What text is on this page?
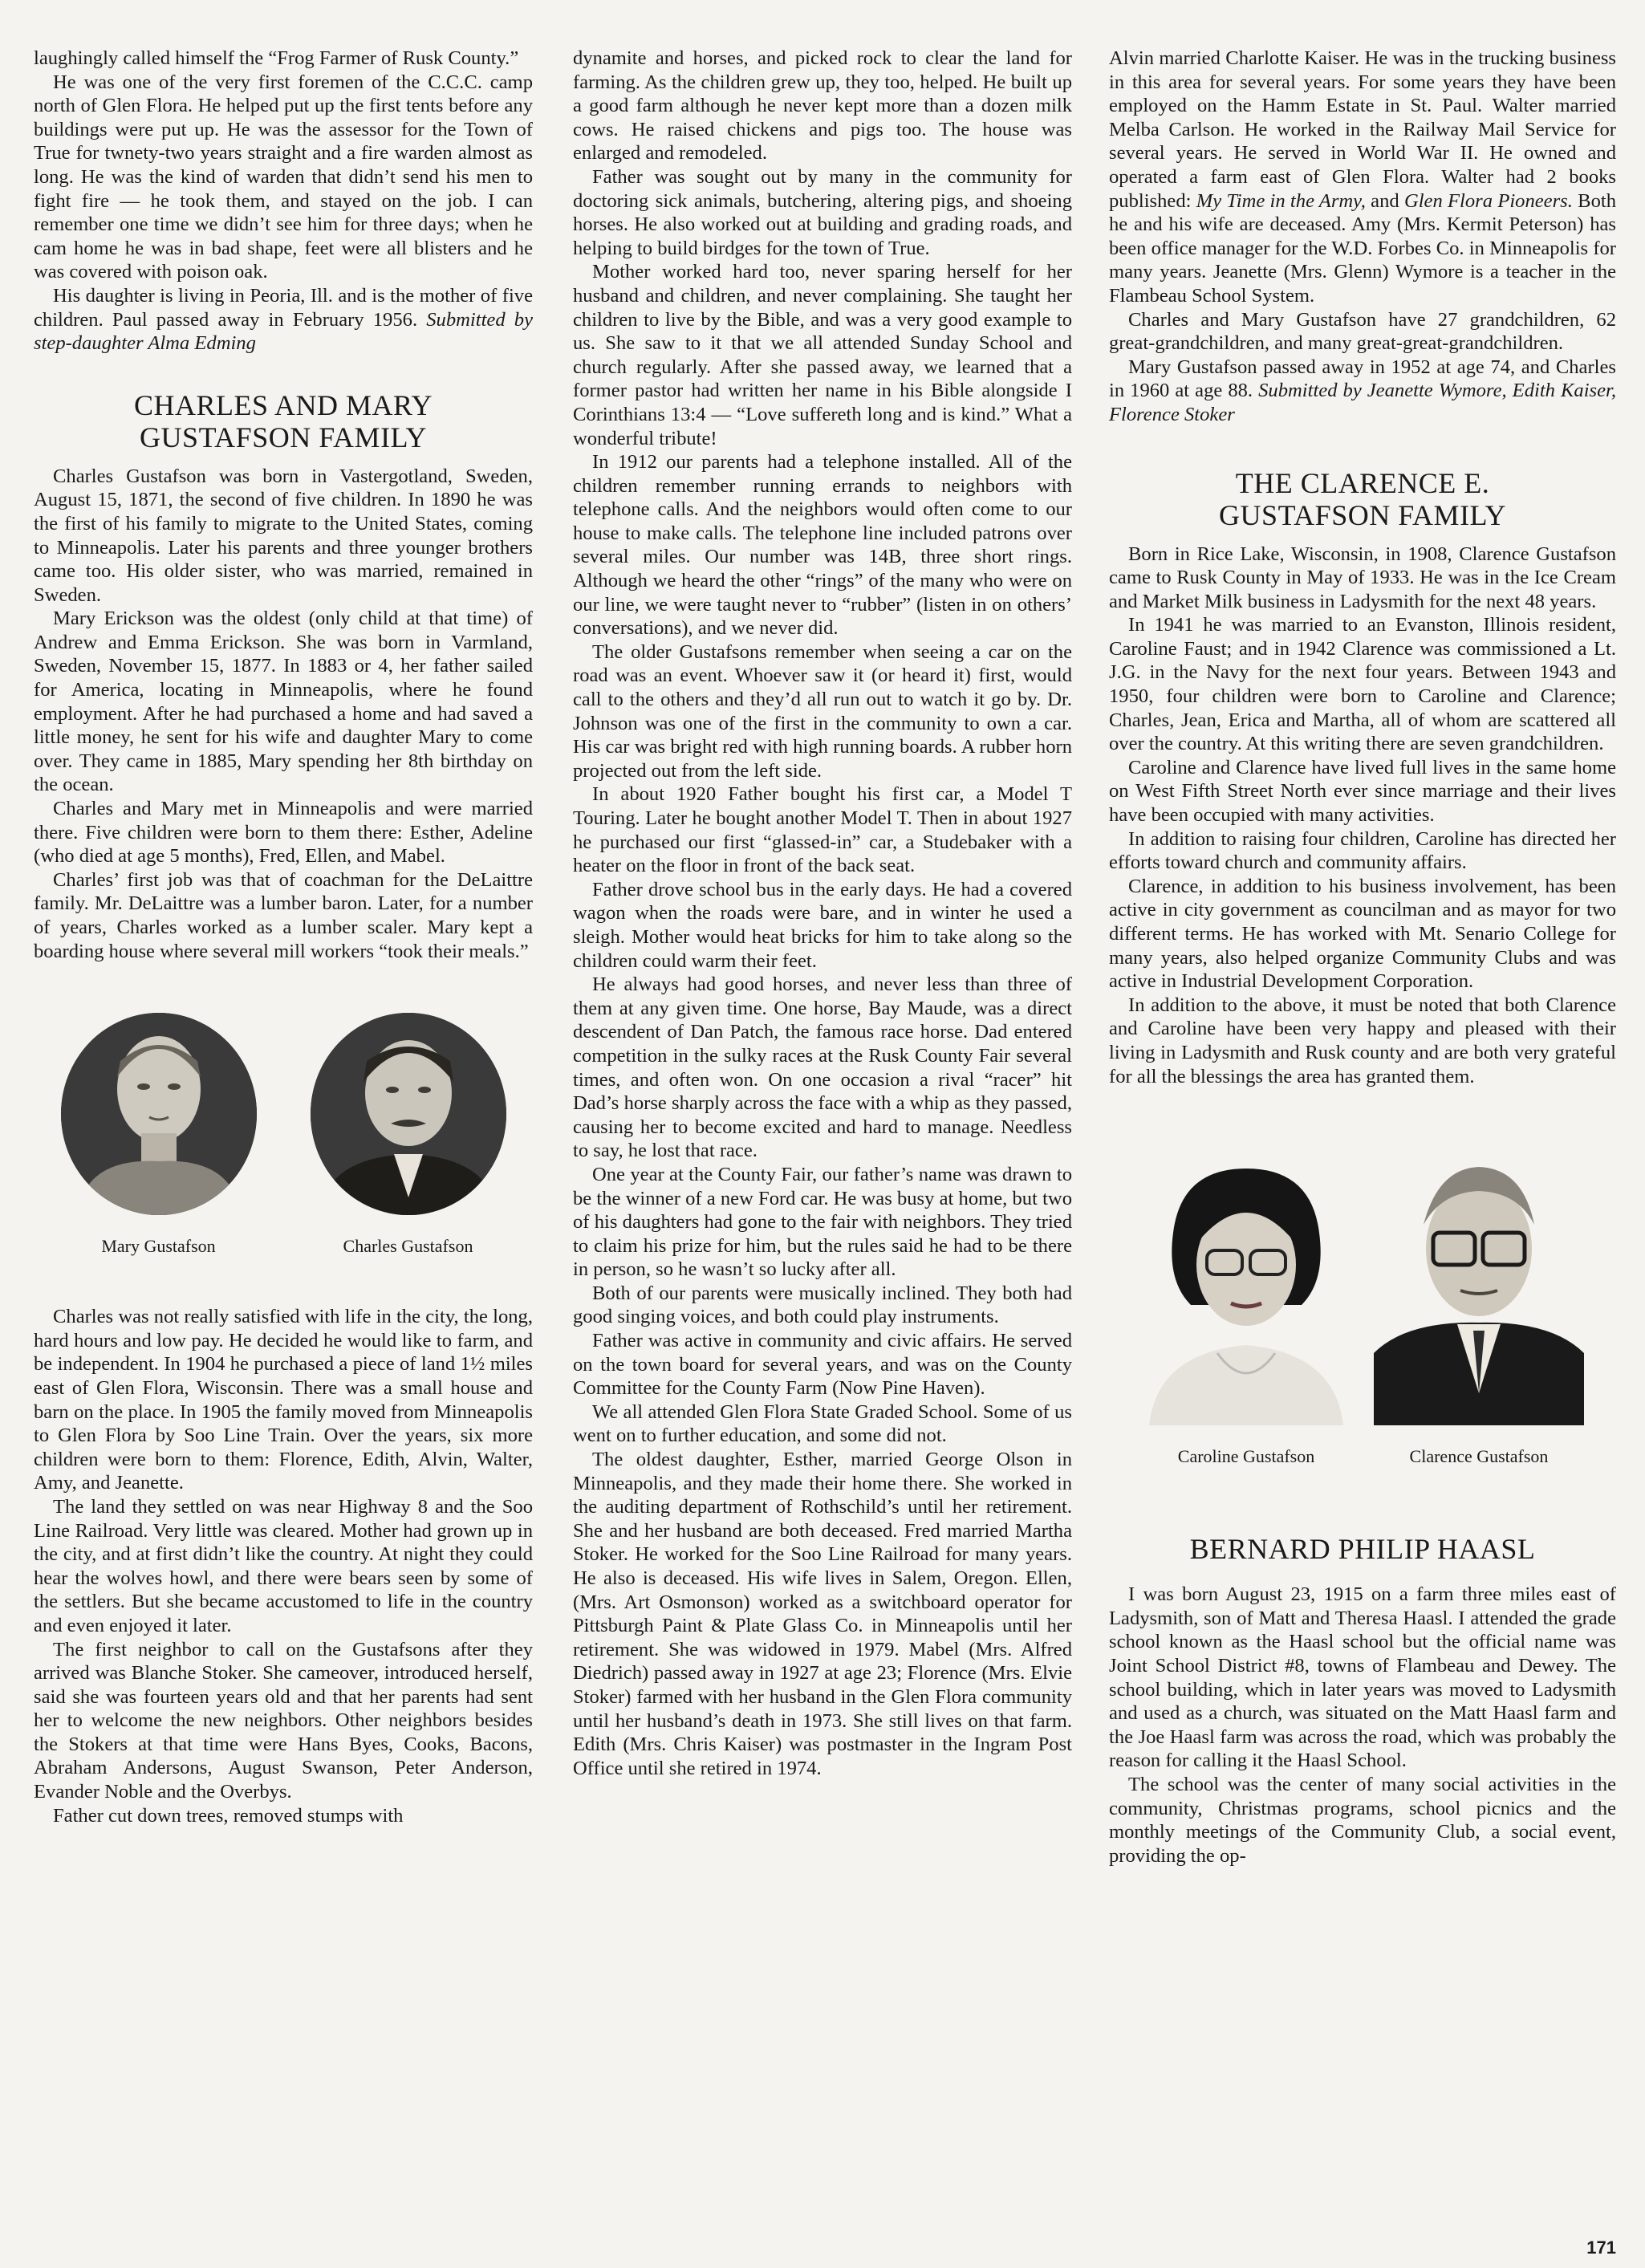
laughingly called himself the “Frog Farmer of Rusk County.”

He was one of the very first foremen of the C.C.C. camp north of Glen Flora. He helped put up the first tents before any buildings were put up. He was the assessor for the Town of True for twnety-two years straight and a fire warden almost as long. He was the kind of warden that didn’t send his men to fight fire — he took them, and stayed on the job. I can remember one time we didn’t see him for three days; when he cam home he was in bad shape, feet were all blisters and he was covered with poison oak.

His daughter is living in Peoria, Ill. and is the mother of five children. Paul passed away in February 1956. Submitted by step-daughter Alma Edming

CHARLES AND MARY
GUSTAFSON FAMILY

Charles Gustafson was born in Vastergotland, Sweden, August 15, 1871, the second of five children. In 1890 he was the first of his family to migrate to the United States, coming to Minneapolis. Later his parents and three younger brothers came too. His older sister, who was married, remained in Sweden.

Mary Erickson was the oldest (only child at that time) of Andrew and Emma Erickson. She was born in Varmland, Sweden, November 15, 1877. In 1883 or 4, her father sailed for America, locating in Minneapolis, where he found employment. After he had purchased a home and had saved a little money, he sent for his wife and daughter Mary to come over. They came in 1885, Mary spending her 8th birthday on the ocean.

Charles and Mary met in Minneapolis and were married there. Five children were born to them there: Esther, Adeline (who died at age 5 months), Fred, Ellen, and Mabel.

Charles’ first job was that of coachman for the DeLaittre family. Mr. DeLaittre was a lumber baron. Later, for a number of years, Charles worked as a lumber scaler. Mary kept a boarding house where several mill workers “took their meals.”

Mary Gustafson	Charles Gustafson

Charles was not really satisfied with life in the city, the long, hard hours and low pay. He decided he would like to farm, and be independent. In 1904 he purchased a piece of land 1½ miles east of Glen Flora, Wisconsin. There was a small house and barn on the place. In 1905 the family moved from Minneapolis to Glen Flora by Soo Line Train. Over the years, six more children were born to them: Florence, Edith, Alvin, Walter, Amy, and Jeanette.

The land they settled on was near Highway 8 and the Soo Line Railroad. Very little was cleared. Mother had grown up in the city, and at first didn’t like the country. At night they could hear the wolves howl, and there were bears seen by some of the settlers. But she became accustomed to life in the country and even enjoyed it later.

The first neighbor to call on the Gustafsons after they arrived was Blanche Stoker. She cameover, introduced herself, said she was fourteen years old and that her parents had sent her to welcome the new neighbors. Other neighbors besides the Stokers at that time were Hans Byes, Cooks, Bacons, Abraham Andersons, August Swanson, Peter Anderson, Evander Noble and the Overbys.

Father cut down trees, removed stumps with

dynamite and horses, and picked rock to clear the land for farming. As the children grew up, they too, helped. He built up a good farm although he never kept more than a dozen milk cows. He raised chickens and pigs too. The house was enlarged and remodeled.

Father was sought out by many in the community for doctoring sick animals, butchering, altering pigs, and shoeing horses. He also worked out at building and grading roads, and helping to build birdges for the town of True.

Mother worked hard too, never sparing herself for her husband and children, and never complaining. She taught her children to live by the Bible, and was a very good example to us. She saw to it that we all attended Sunday School and church regularly. After she passed away, we learned that a former pastor had written her name in his Bible alongside I Corinthians 13:4 — “Love suffereth long and is kind.” What a wonderful tribute!

In 1912 our parents had a telephone installed. All of the children remember running errands to neighbors with telephone calls. And the neighbors would often come to our house to make calls. The telephone line included patrons over several miles. Our number was 14B, three short rings. Although we heard the other “rings” of the many who were on our line, we were taught never to “rubber” (listen in on others’ conversations), and we never did.

The older Gustafsons remember when seeing a car on the road was an event. Whoever saw it (or heard it) first, would call to the others and they’d all run out to watch it go by. Dr. Johnson was one of the first in the community to own a car. His car was bright red with high running boards. A rubber horn projected out from the left side.

In about 1920 Father bought his first car, a Model T Touring. Later he bought another Model T. Then in about 1927 he purchased our first “glassed-in” car, a Studebaker with a heater on the floor in front of the back seat.

Father drove school bus in the early days. He had a covered wagon when the roads were bare, and in winter he used a sleigh. Mother would heat bricks for him to take along so the children could warm their feet.

He always had good horses, and never less than three of them at any given time. One horse, Bay Maude, was a direct descendent of Dan Patch, the famous race horse. Dad entered competition in the sulky races at the Rusk County Fair several times, and often won. On one occasion a rival “racer” hit Dad’s horse sharply across the face with a whip as they passed, causing her to become excited and hard to manage. Needless to say, he lost that race.

One year at the County Fair, our father’s name was drawn to be the winner of a new Ford car. He was busy at home, but two of his daughters had gone to the fair with neighbors. They tried to claim his prize for him, but the rules said he had to be there in person, so he wasn’t so lucky after all.

Both of our parents were musically inclined. They both had good singing voices, and both could play instruments.

Father was active in community and civic affairs. He served on the town board for several years, and was on the County Committee for the County Farm (Now Pine Haven).

We all attended Glen Flora State Graded School. Some of us went on to further education, and some did not.

The oldest daughter, Esther, married George Olson in Minneapolis, and they made their home there. She worked in the auditing department of Rothschild’s until her retirement. She and her husband are both deceased. Fred married Martha Stoker. He worked for the Soo Line Railroad for many years. He also is deceased. His wife lives in Salem, Oregon. Ellen, (Mrs. Art Osmonson) worked as a switchboard operator for Pittsburgh Paint & Plate Glass Co. in Minneapolis until her retirement. She was widowed in 1979. Mabel (Mrs. Alfred Diedrich) passed away in 1927 at age 23; Florence (Mrs. Elvie Stoker) farmed with her husband in the Glen Flora community until her husband’s death in 1973. She still lives on that farm. Edith (Mrs. Chris Kaiser) was postmaster in the Ingram Post Office until she retired in 1974.

Alvin married Charlotte Kaiser. He was in the trucking business in this area for several years. For some years they have been employed on the Hamm Estate in St. Paul. Walter married Melba Carlson. He worked in the Railway Mail Service for several years. He served in World War II. He owned and operated a farm east of Glen Flora. Walter had 2 books published: My Time in the Army, and Glen Flora Pioneers. Both he and his wife are deceased. Amy (Mrs. Kermit Peterson) has been office manager for the W.D. Forbes Co. in Minneapolis for many years. Jeanette (Mrs. Glenn) Wymore is a teacher in the Flambeau School System.

Charles and Mary Gustafson have 27 grandchildren, 62 great-grandchildren, and many great-great-grandchildren.

Mary Gustafson passed away in 1952 at age 74, and Charles in 1960 at age 88. Submitted by Jeanette Wymore, Edith Kaiser, Florence Stoker

THE CLARENCE E.
GUSTAFSON FAMILY

Born in Rice Lake, Wisconsin, in 1908, Clarence Gustafson came to Rusk County in May of 1933. He was in the Ice Cream and Market Milk business in Ladysmith for the next 48 years.

In 1941 he was married to an Evanston, Illinois resident, Caroline Faust; and in 1942 Clarence was commissioned a Lt. J.G. in the Navy for the next four years. Between 1943 and 1950, four children were born to Caroline and Clarence; Charles, Jean, Erica and Martha, all of whom are scattered all over the country. At this writing there are seven grandchildren.

Caroline and Clarence have lived full lives in the same home on West Fifth Street North ever since marriage and their lives have been occupied with many activities.

In addition to raising four children, Caroline has directed her efforts toward church and community affairs.

Clarence, in addition to his business involvement, has been active in city government as councilman and as mayor for two different terms. He has worked with Mt. Senario College for many years, also helped organize Community Clubs and was active in Industrial Development Corporation.

In addition to the above, it must be noted that both Clarence and Caroline have been very happy and pleased with their living in Ladysmith and Rusk county and are both very grateful for all the blessings the area has granted them.

Caroline Gustafson	Clarence Gustafson
BERNARD PHILIP HAASL

I was born August 23, 1915 on a farm three miles east of Ladysmith, son of Matt and Theresa Haasl. I attended the grade school known as the Haasl school but the official name was Joint School District #8, towns of Flambeau and Dewey. The school building, which in later years was moved to Ladysmith and used as a church, was situated on the Matt Haasl farm and the Joe Haasl farm was across the road, which was probably the reason for calling it the Haasl School.

The school was the center of many social activities in the community, Christmas programs, school picnics and the monthly meetings of the Community Club, a social event, providing the op-

171
